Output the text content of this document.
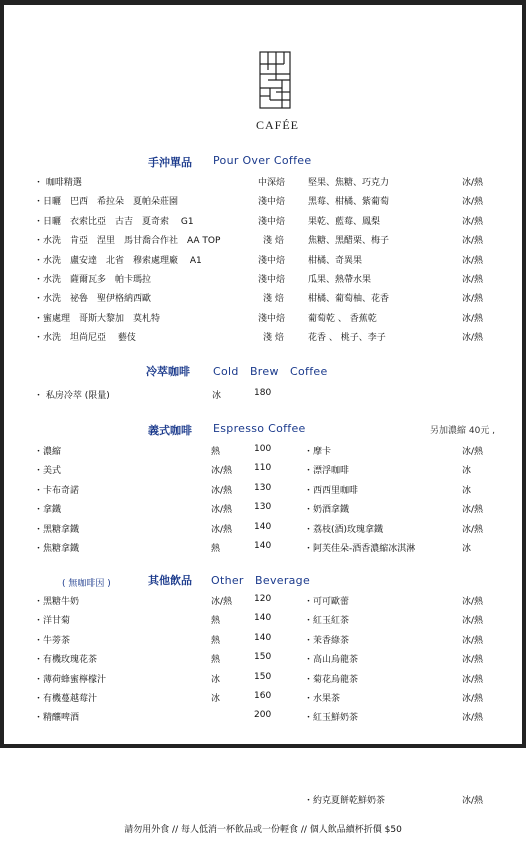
CAFÉE
手沖單品 Pour Over Coffee
・ 咖啡精選	中深焙	堅果、焦糖、巧克力	冰/熱
・日曬　巴西　希拉朵　夏帕朵莊園	淺中焙	黑莓、柑橘、紫葡萄	冰/熱
・日曬　衣索比亞　古吉　夏奇索　 G1	淺中焙	果乾、藍莓、鳳梨	冰/熱
・水洗　肯亞　涅里　馬甘喬合作社　AA TOP	淺 焙	焦糖、黑醋栗、梅子	冰/熱
・水洗　盧安達　北省　穆索處理廠　 A1	淺中焙	柑橘、奇異果	冰/熱
・水洗　薩爾瓦多　帕卡瑪拉	淺中焙	瓜果、熱帶水果	冰/熱
・水洗　祕魯　聖伊格納西歐	淺 焙	柑橘、葡萄柚、花香	冰/熱
・蜜處理　哥斯大黎加　莫札特	淺中焙	葡萄乾 、 香蕉乾	冰/熱
・水洗　坦尚尼亞　 藝伎	淺 焙	花香 、 桃子、李子	冰/熱
冷萃咖啡 Cold　Brew　Coffee
・ 私房冷萃 (限量)	冰	180
義式咖啡 Espresso Coffee	另加濃縮 40元 ,
・濃縮	熱	100
・美式	冰/熱 110
・卡布奇諾	冰/熱 130
・拿鐵	冰/熱 130
・黑糖拿鐵	冰/熱 140
・焦糖拿鐵	熱	140
・摩卡	冰/熱
・漂浮咖啡	冰
・西西里咖啡	冰
・奶酒拿鐵	冰/熱
・荔枝(酒)玫瑰拿鐵	冰/熱
・阿芙佳朵-酒香濃縮冰淇淋	冰
( 無咖啡因 )	其他飲品 Other　Beverage
・黑糖牛奶	冰/熱 120
・洋甘菊	熱	140
・牛蒡茶	熱	140
・有機玫瑰花茶	熱	150
・薄荷蜂蜜檸檬汁	冰	150
・有機蔓越莓汁	冰	160
・精釀啤酒	200
・可可歐蕾	冰/熱
・紅玉紅茶	冰/熱
・茉香綠茶	冰/熱
・高山烏龍茶	冰/熱
・菊花烏龍茶	冰/熱
・水果茶	冰/熱
・紅玉鮮奶茶	冰/熱
・約克夏餅乾鮮奶茶	冰/熱
請勿用外食 // 每人低消一杯飲品或一份輕食 // 個人飲品續杯折價 $50
